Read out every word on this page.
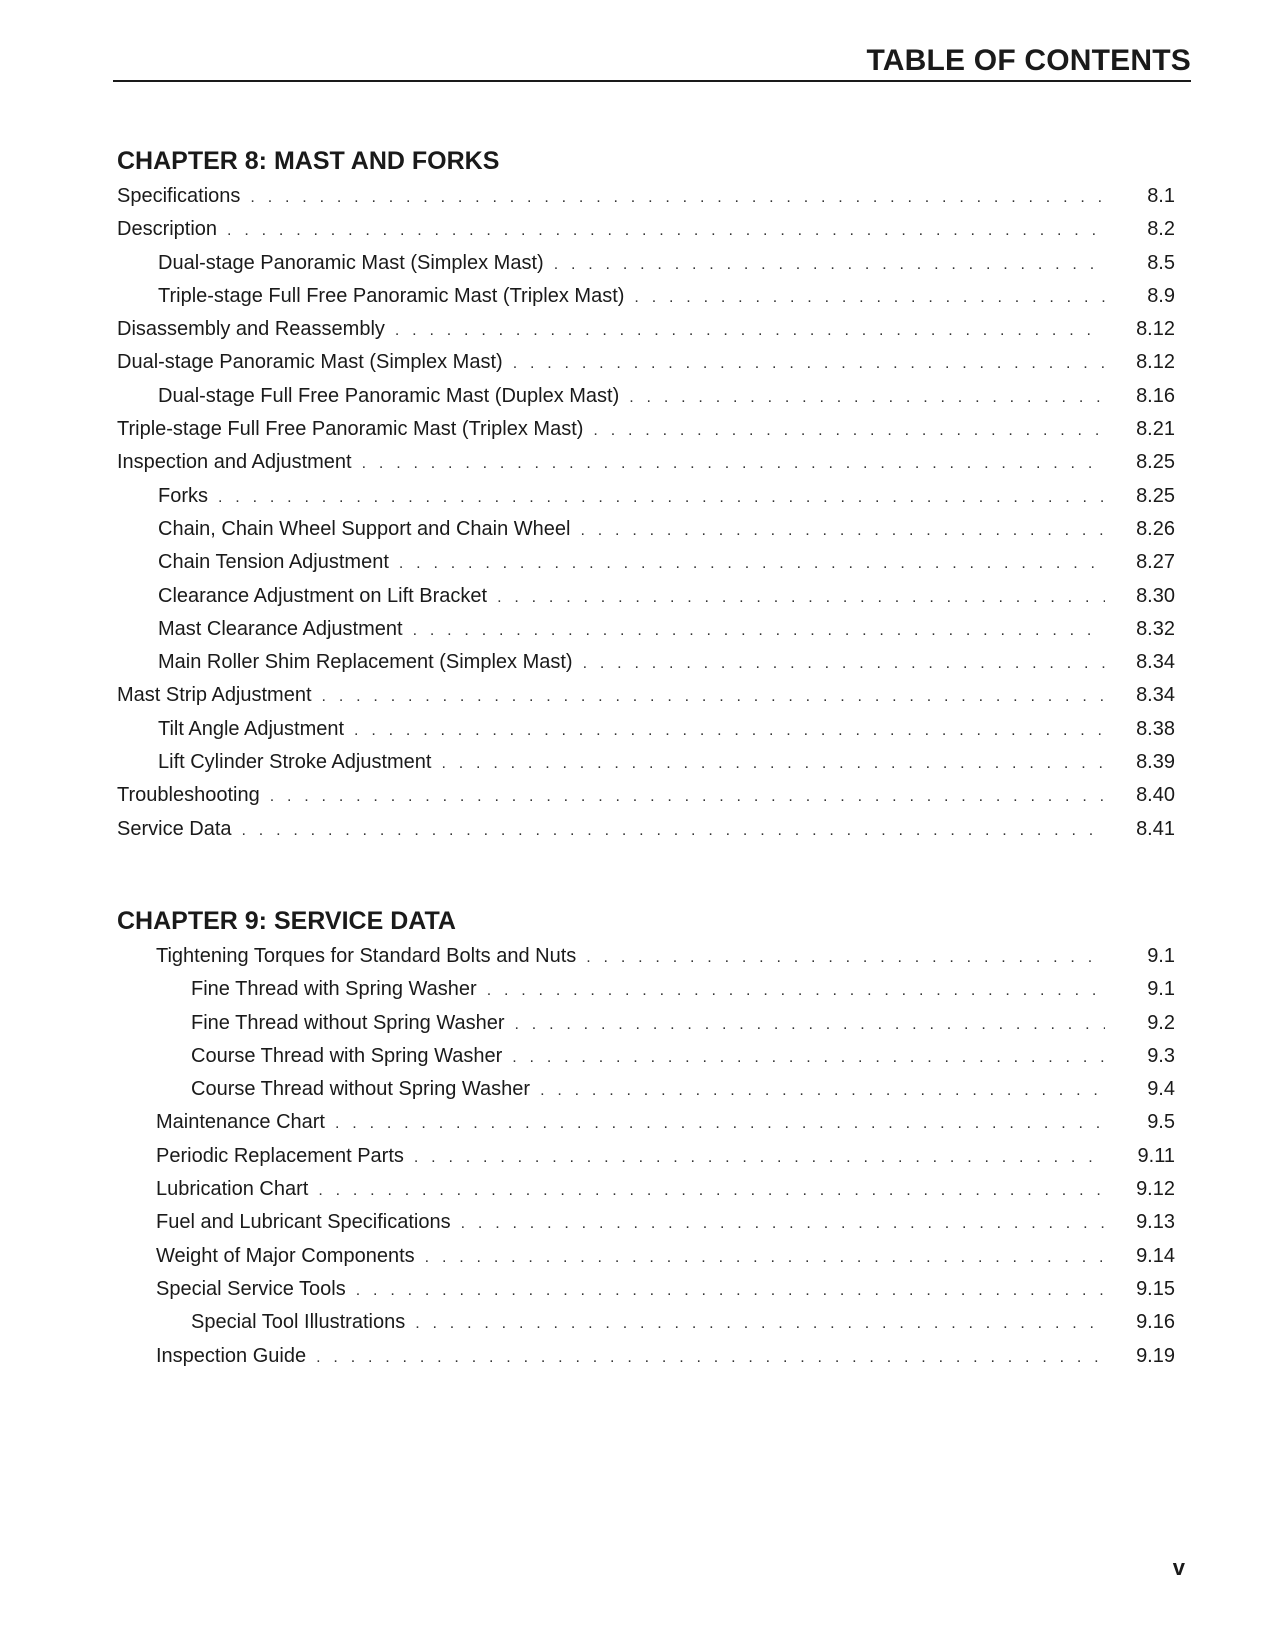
TABLE OF CONTENTS
CHAPTER 8: MAST AND FORKS
Specifications . . .	8.1
Description . . .	8.2
Dual-stage Panoramic Mast (Simplex Mast) . . .	8.5
Triple-stage Full Free Panoramic Mast (Triplex Mast) . . .	8.9
Disassembly and Reassembly . . .	8.12
Dual-stage Panoramic Mast (Simplex Mast) . . .	8.12
Dual-stage Full Free Panoramic Mast (Duplex Mast) . . .	8.16
Triple-stage Full Free Panoramic Mast (Triplex Mast) . . .	8.21
Inspection and Adjustment . . .	8.25
Forks . . .	8.25
Chain, Chain Wheel Support and Chain Wheel . . .	8.26
Chain Tension Adjustment . . .	8.27
Clearance Adjustment on Lift Bracket . . .	8.30
Mast Clearance Adjustment . . .	8.32
Main Roller Shim Replacement (Simplex Mast) . . .	8.34
Mast Strip Adjustment . . .	8.34
Tilt Angle Adjustment . . .	8.38
Lift Cylinder Stroke Adjustment . . .	8.39
Troubleshooting . . .	8.40
Service Data . . .	8.41
CHAPTER 9: SERVICE DATA
Tightening Torques for Standard Bolts and Nuts . . .	9.1
Fine Thread with Spring Washer . . .	9.1
Fine Thread without Spring Washer . . .	9.2
Course Thread with Spring Washer . . .	9.3
Course Thread without Spring Washer . . .	9.4
Maintenance Chart . . .	9.5
Periodic Replacement Parts . . .	9.11
Lubrication Chart . . .	9.12
Fuel and Lubricant Specifications . . .	9.13
Weight of Major Components . . .	9.14
Special Service Tools . . .	9.15
Special Tool Illustrations . . .	9.16
Inspection Guide . . .	9.19
v
